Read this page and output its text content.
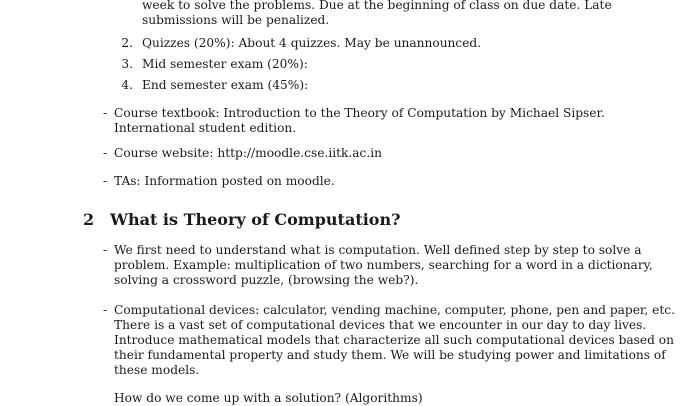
week to solve the problems. Due at the beginning of class on due date. Late
submissions will be penalized.
2. Quizzes (20%): About 4 quizzes. May be unannounced.
3. Mid semester exam (20%):
4. End semester exam (45%):
- Course textbook: Introduction to the Theory of Computation by Michael Sipser.
International student edition.
- Course website: http://moodle.cse.iitk.ac.in
- TAs: Information posted on moodle.
2 What is Theory of Computation?
- We first need to understand what is computation. Well defined step by step to solve a
problem. Example: multiplication of two numbers, searching for a word in a dictionary,
solving a crossword puzzle, (browsing the web?).
- Computational devices: calculator, vending machine, computer, phone, pen and paper, etc.
There is a vast set of computational devices that we encounter in our day to day lives.
Introduce mathematical models that characterize all such computational devices based on
their fundamental property and study them. We will be studying power and limitations of
these models.
How do we come up with a solution? (Algorithms)
